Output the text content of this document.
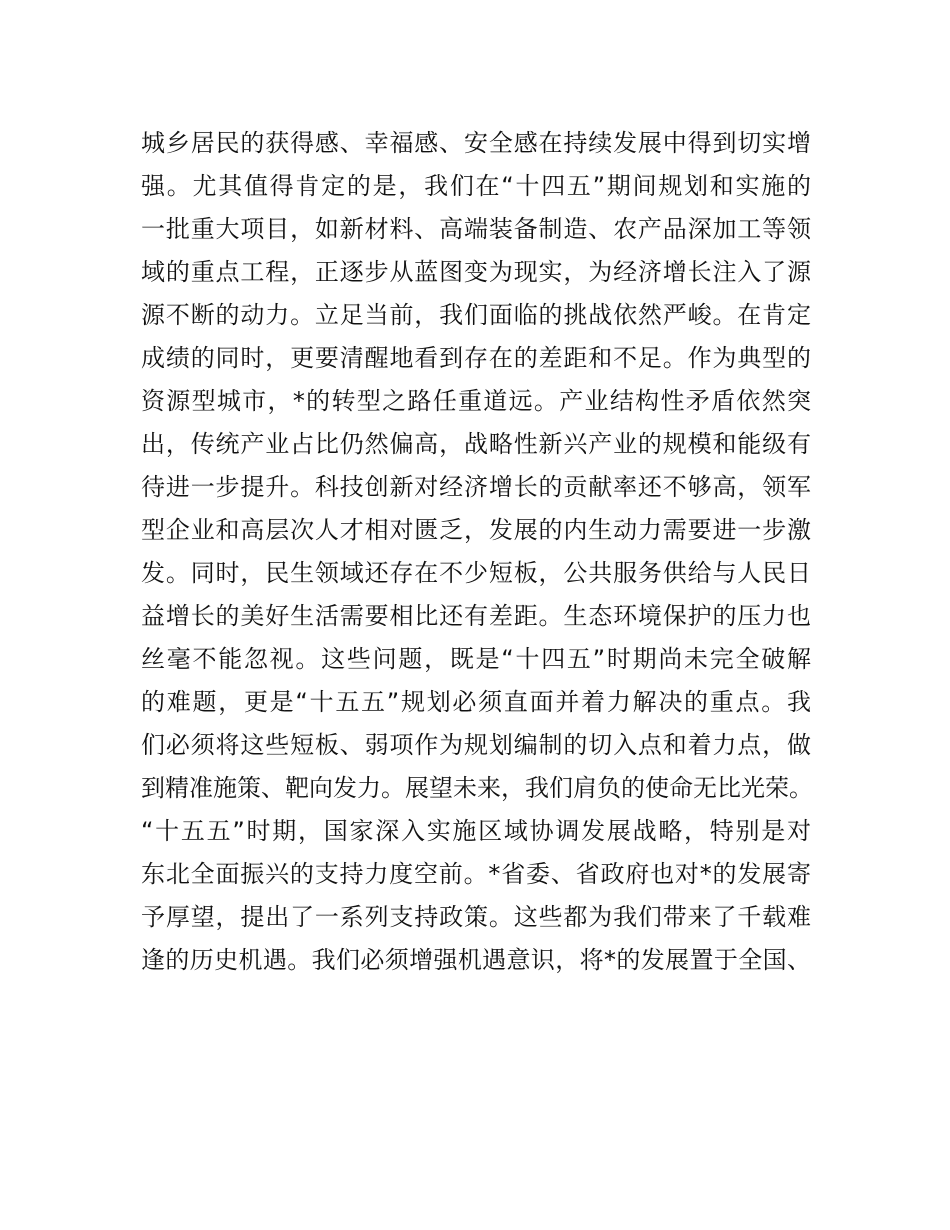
城乡居民的获得感、幸福感、安全感在持续发展中得到切实增
强。尤其值得肯定的是，我们在“十四五”期间规划和实施的
一批重大项目，如新材料、高端装备制造、农产品深加工等领
域的重点工程，正逐步从蓝图变为现实，为经济增长注入了源
源不断的动力。立足当前，我们面临的挑战依然严峻。在肯定
成绩的同时，更要清醒地看到存在的差距和不足。作为典型的
资源型城市，*的转型之路任重道远。产业结构性矛盾依然突
出，传统产业占比仍然偏高，战略性新兴产业的规模和能级有
待进一步提升。科技创新对经济增长的贡献率还不够高，领军
型企业和高层次人才相对匮乏，发展的内生动力需要进一步激
发。同时，民生领域还存在不少短板，公共服务供给与人民日
益增长的美好生活需要相比还有差距。生态环境保护的压力也
丝毫不能忽视。这些问题，既是“十四五”时期尚未完全破解
的难题，更是“十五五”规划必须直面并着力解决的重点。我
们必须将这些短板、弱项作为规划编制的切入点和着力点，做
到精准施策、靶向发力。展望未来，我们肩负的使命无比光荣。
“十五五”时期，国家深入实施区域协调发展战略，特别是对
东北全面振兴的支持力度空前。*省委、省政府也对*的发展寄
予厚望，提出了一系列支持政策。这些都为我们带来了千载难
逢的历史机遇。我们必须增强机遇意识，将*的发展置于全国、
